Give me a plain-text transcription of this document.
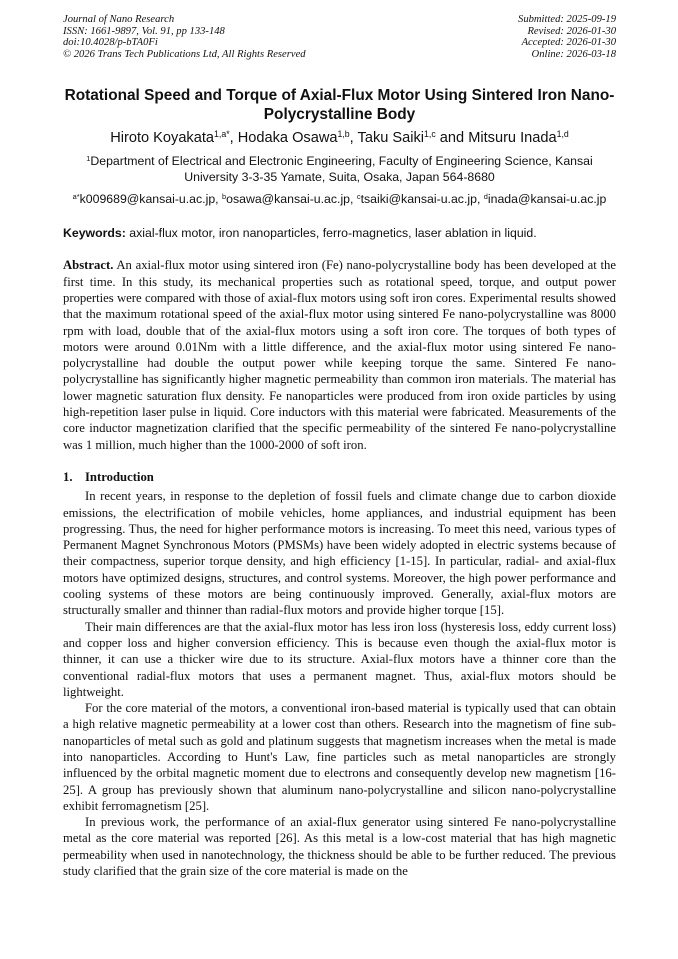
Journal of Nano Research
ISSN: 1661-9897, Vol. 91, pp 133-148
doi:10.4028/p-bTA0Fi
© 2026 Trans Tech Publications Ltd, All Rights Reserved
Submitted: 2025-09-19
Revised: 2026-01-30
Accepted: 2026-01-30
Online: 2026-03-18
Rotational Speed and Torque of Axial-Flux Motor Using Sintered Iron Nano-Polycrystalline Body
Hiroto Koyakata$^{1,a*}$, Hodaka Osawa$^{1,b}$, Taku Saiki$^{1,c}$ and Mitsuru Inada$^{1,d}$
$^1$Department of Electrical and Electronic Engineering, Faculty of Engineering Science, Kansai University 3-3-35 Yamate, Suita, Osaka, Japan 564-8680
$^{a*}$k009689@kansai-u.ac.jp, $^b$osawa@kansai-u.ac.jp, $^c$tsaiki@kansai-u.ac.jp, $^d$inada@kansai-u.ac.jp
Keywords: axial-flux motor, iron nanoparticles, ferro-magnetics, laser ablation in liquid.
Abstract. An axial-flux motor using sintered iron (Fe) nano-polycrystalline body has been developed at the first time. In this study, its mechanical properties such as rotational speed, torque, and output power properties were compared with those of axial-flux motors using soft iron cores. Experimental results showed that the maximum rotational speed of the axial-flux motor using sintered Fe nano-polycrystalline was 8000 rpm with load, double that of the axial-flux motors using a soft iron core. The torques of both types of motors were around 0.01Nm with a little difference, and the axial-flux motor using sintered Fe nano-polycrystalline had double the output power while keeping torque the same. Sintered Fe nano-polycrystalline has significantly higher magnetic permeability than common iron materials. The material has lower magnetic saturation flux density. Fe nanoparticles were produced from iron oxide particles by using high-repetition laser pulse in liquid. Core inductors with this material were fabricated. Measurements of the core inductor magnetization clarified that the specific permeability of the sintered Fe nano-polycrystalline was 1 million, much higher than the 1000-2000 of soft iron.
1. Introduction

In recent years, in response to the depletion of fossil fuels and climate change due to carbon dioxide emissions, the electrification of mobile vehicles, home appliances, and industrial equipment has been progressing. Thus, the need for higher performance motors is increasing. To meet this need, various types of Permanent Magnet Synchronous Motors (PMSMs) have been widely adopted in electric systems because of their compactness, superior torque density, and high efficiency [1-15]. In particular, radial- and axial-flux motors have optimized designs, structures, and control systems. Moreover, the high power performance and cooling systems of these motors are being continuously improved. Generally, axial-flux motors are structurally smaller and thinner than radial-flux motors and provide higher torque [15].

Their main differences are that the axial-flux motor has less iron loss (hysteresis loss, eddy current loss) and copper loss and higher conversion efficiency. This is because even though the axial-flux motor is thinner, it can use a thicker wire due to its structure. Axial-flux motors have a thinner core than the conventional radial-flux motors that uses a permanent magnet. Thus, axial-flux motors should be lightweight.

For the core material of the motors, a conventional iron-based material is typically used that can obtain a high relative magnetic permeability at a lower cost than others. Research into the magnetism of fine sub-nanoparticles of metal such as gold and platinum suggests that magnetism increases when the metal is made into nanoparticles. According to Hunt's Law, fine particles such as metal nanoparticles are strongly influenced by the orbital magnetic moment due to electrons and consequently develop new magnetism [16-25]. A group has previously shown that aluminum nano-polycrystalline and silicon nano-polycrystalline exhibit ferromagnetism [25].

In previous work, the performance of an axial-flux generator using sintered Fe nano-polycrystalline metal as the core material was reported [26]. As this metal is a low-cost material that has high magnetic permeability when used in nanotechnology, the thickness should be able to be further reduced. The previous study clarified that the grain size of the core material is made on the
